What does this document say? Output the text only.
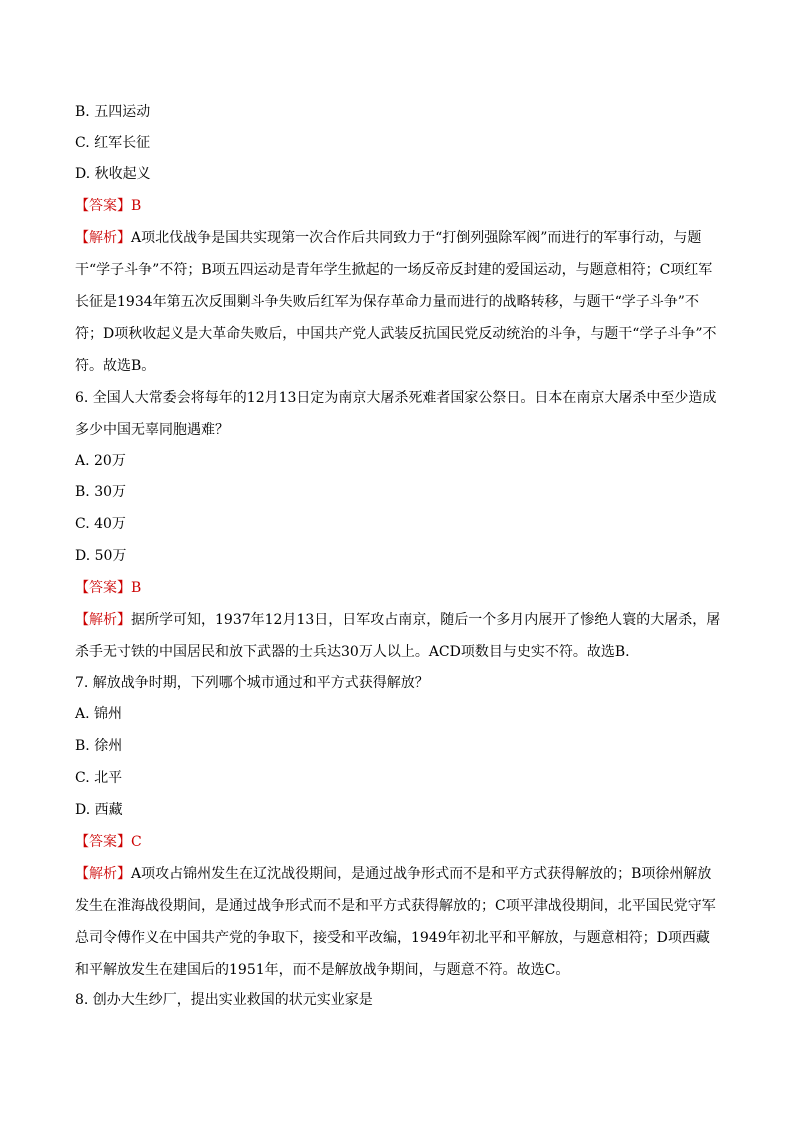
B. 五四运动
C. 红军长征
D. 秋收起义
【答案】B
【解析】A项北伐战争是国共实现第一次合作后共同致力于“打倒列强除军阀”而进行的军事行动，与题干“学子斗争”不符；B项五四运动是青年学生掀起的一场反帝反封建的爱国运动，与题意相符；C项红军长征是1934年第五次反围剿斗争失败后红军为保存革命力量而进行的战略转移，与题干“学子斗争”不符；D项秋收起义是大革命失败后，中国共产党人武装反抗国民党反动统治的斗争，与题干“学子斗争”不符。故选B。
6. 全国人大常委会将每年的12月13日定为南京大屠杀死难者国家公祭日。日本在南京大屠杀中至少造成多少中国无辜同胞遇难？
A. 20万
B. 30万
C. 40万
D. 50万
【答案】B
【解析】据所学可知，1937年12月13日，日军攻占南京，随后一个多月内展开了惨绝人寰的大屠杀，屠杀手无寸铁的中国居民和放下武器的士兵达30万人以上。ACD项数目与史实不符。故选B.
7. 解放战争时期，下列哪个城市通过和平方式获得解放？
A. 锦州
B. 徐州
C. 北平
D. 西藏
【答案】C
【解析】A项攻占锦州发生在辽沈战役期间，是通过战争形式而不是和平方式获得解放的；B项徐州解放发生在淮海战役期间，是通过战争形式而不是和平方式获得解放的；C项平津战役期间，北平国民党守军总司令傅作义在中国共产党的争取下，接受和平改编，1949年初北平和平解放，与题意相符；D项西藏和平解放发生在建国后的1951年，而不是解放战争期间，与题意不符。故选C。
8. 创办大生纱厂，提出实业救国的状元实业家是
